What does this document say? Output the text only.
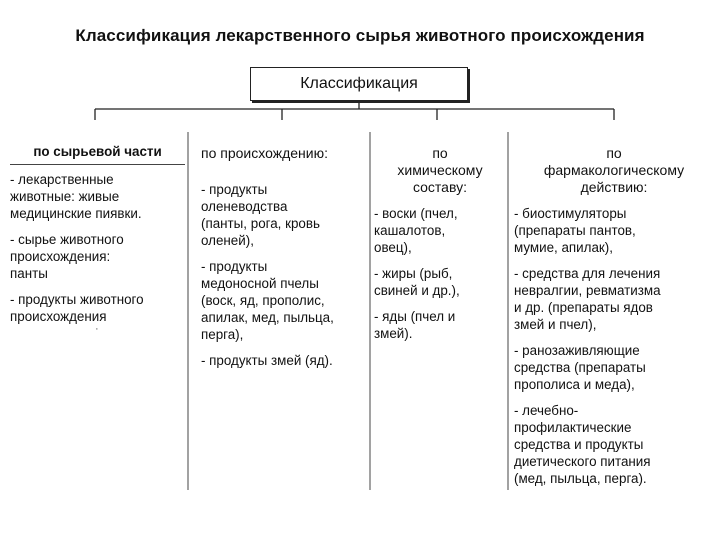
Классификация лекарственного сырья животного происхождения
Классификация
по сырьевой части

- лекарственные
животные: живые
медицинские пиявки.

- сырье животного
происхождения:
панты

- продукты животного
происхождения

·
по происхождению:

- продукты
оленеводства
(панты, рога, кровь
оленей),

- продукты
медоносной пчелы
(воск, яд, прополис,
апилак, мед, пыльца,
перга),

- продукты змей (яд).

по
химическому
составу:

- воски (пчел,
кашалотов,
овец),

- жиры (рыб,
свиней и др.),

- яды (пчел и
змей).

по
фармакологическому
действию:

- биостимуляторы
(препараты пантов,
мумие, апилак),

- средства для лечения
невралгии, ревматизма
и др. (препараты ядов
змей и пчел),

- ранозаживляющие
средства (препараты
прополиса и меда),

- лечебно-
профилактические
средства и продукты
диетического питания
(мед, пыльца, перга).
